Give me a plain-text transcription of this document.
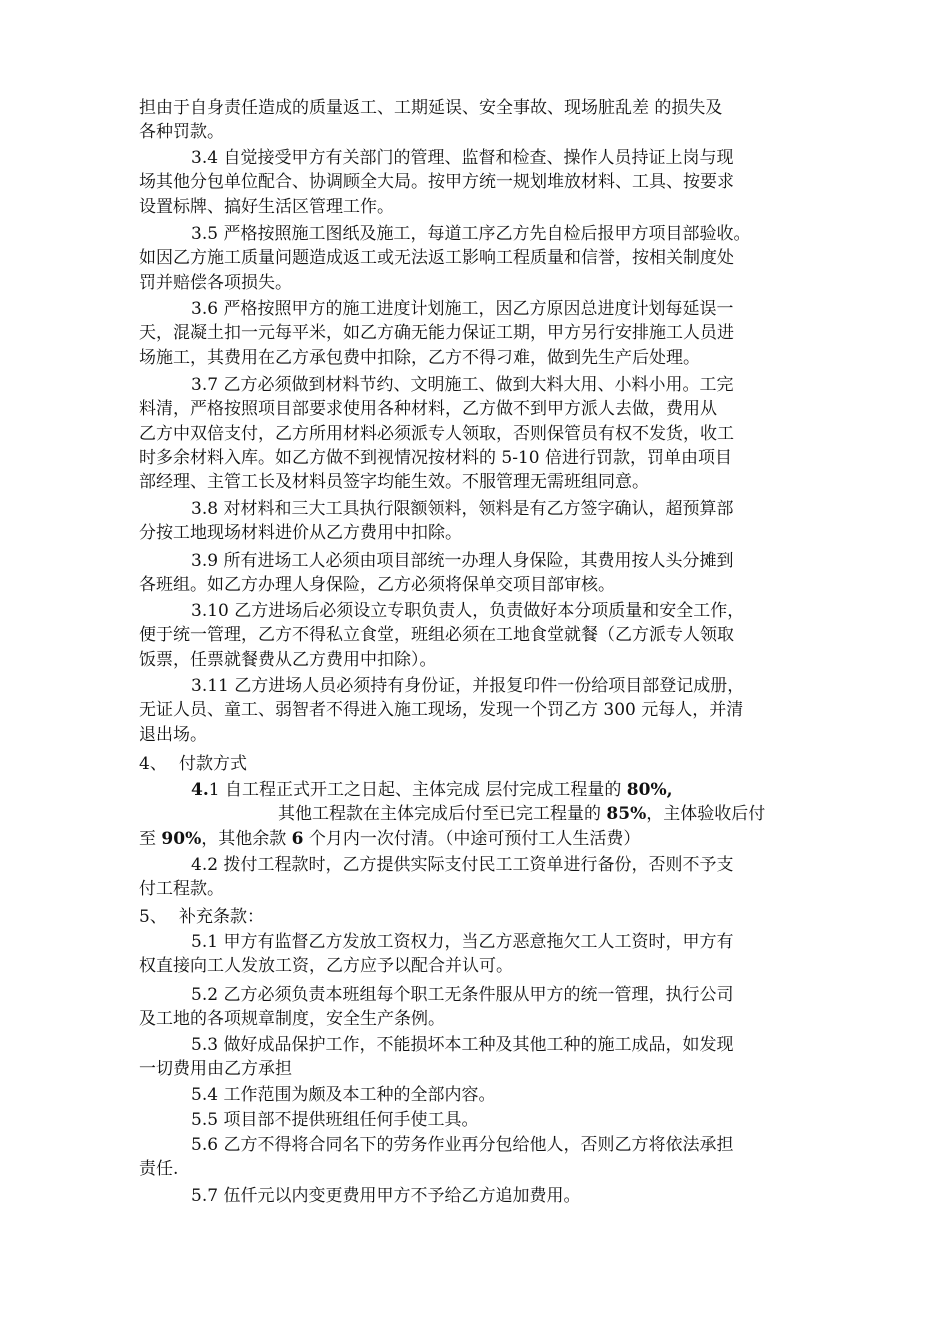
担由于自身责任造成的质量返工、工期延误、安全事故、现场脏乱差 的损失及
各种罚款。
3.4 自觉接受甲方有关部门的管理、监督和检查、操作人员持证上岗与现
场其他分包单位配合、协调顾全大局。按甲方统一规划堆放材料、工具、按要求
设置标牌、搞好生活区管理工作。
3.5 严格按照施工图纸及施工，每道工序乙方先自检后报甲方项目部验收。
如因乙方施工质量问题造成返工或无法返工影响工程质量和信誉，按相关制度处
罚并赔偿各项损失。
3.6 严格按照甲方的施工进度计划施工，因乙方原因总进度计划每延误一
天，混凝土扣一元每平米，如乙方确无能力保证工期，甲方另行安排施工人员进
场施工，其费用在乙方承包费中扣除，乙方不得刁难，做到先生产后处理。
3.7 乙方必须做到材料节约、文明施工、做到大料大用、小料小用。工完
料清，严格按照项目部要求使用各种材料，乙方做不到甲方派人去做，费用从
乙方中双倍支付，乙方所用材料必须派专人领取，否则保管员有权不发货，收工
时多余材料入库。如乙方做不到视情况按材料的 5-10 倍进行罚款，罚单由项目
部经理、主管工长及材料员签字均能生效。不服管理无需班组同意。
3.8 对材料和三大工具执行限额领料，领料是有乙方签字确认，超预算部
分按工地现场材料进价从乙方费用中扣除。
3.9 所有进场工人必须由项目部统一办理人身保险，其费用按人头分摊到
各班组。如乙方办理人身保险，乙方必须将保单交项目部审核。
3.10 乙方进场后必须设立专职负责人，负责做好本分项质量和安全工作，
便于统一管理，乙方不得私立食堂，班组必须在工地食堂就餐（乙方派专人领取
饭票，任票就餐费从乙方费用中扣除）。
3.11 乙方进场人员必须持有身份证，并报复印件一份给项目部登记成册，
无证人员、童工、弱智者不得进入施工现场，发现一个罚乙方 300 元每人，并清
退出场。
4、 付款方式
4.1 自工程正式开工之日起、主体完成 层付完成工程量的 80%,
其他工程款在主体完成后付至已完工程量的 85%，主体验收后付
至 90%，其他余款 6 个月内一次付清。（中途可预付工人生活费）
4.2 拨付工程款时，乙方提供实际支付民工工资单进行备份，否则不予支
付工程款。
5、 补充条款：
5.1 甲方有监督乙方发放工资权力，当乙方恶意拖欠工人工资时，甲方有
权直接向工人发放工资，乙方应予以配合并认可。
5.2 乙方必须负责本班组每个职工无条件服从甲方的统一管理，执行公司
及工地的各项规章制度，安全生产条例。
5.3 做好成品保护工作，不能损坏本工种及其他工种的施工成品，如发现
一切费用由乙方承担
5.4 工作范围为颇及本工种的全部内容。
5.5 项目部不提供班组任何手使工具。
5.6 乙方不得将合同名下的劳务作业再分包给他人，否则乙方将依法承担
责任.
5.7 伍仟元以内变更费用甲方不予给乙方追加费用。
